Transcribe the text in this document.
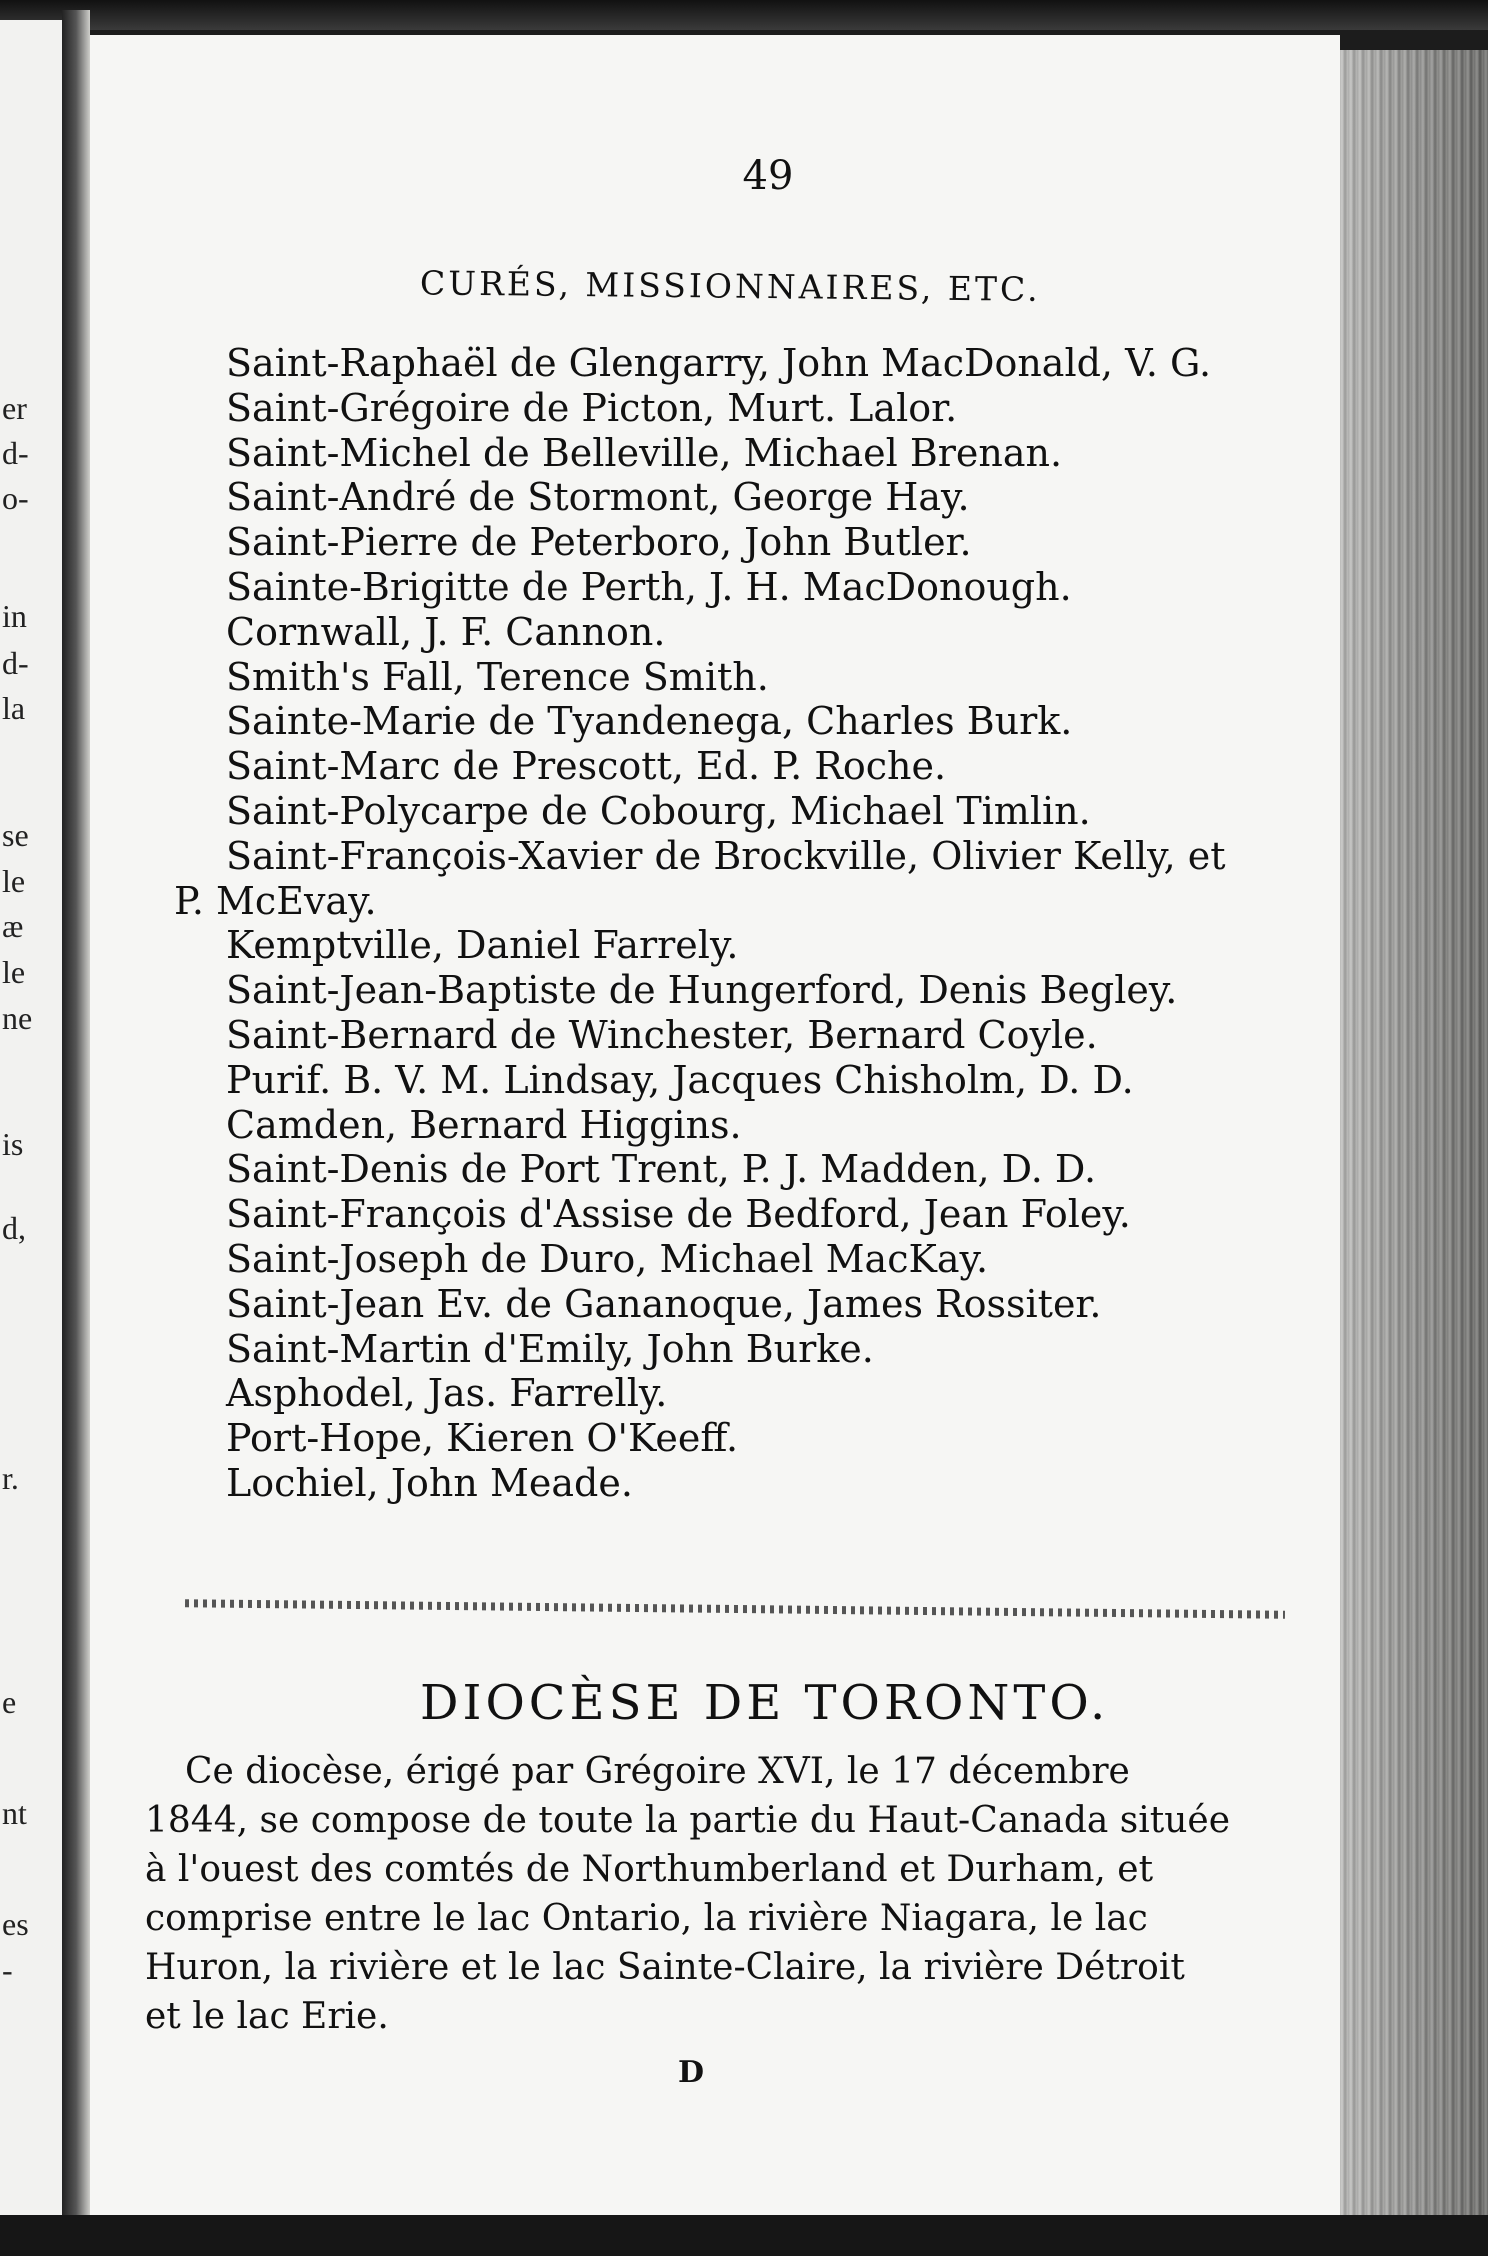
er
d-
o-
in
d-
la
se
le
æ
le
ne
is
d,
r.
e
nt
es
-
49
CURÉS, MISSIONNAIRES, ETC.
Saint-Raphaël de Glengarry, John MacDonald, V. G.
Saint-Grégoire de Picton, Murt. Lalor.
Saint-Michel de Belleville, Michael Brenan.
Saint-André de Stormont, George Hay.
Saint-Pierre de Peterboro, John Butler.
Sainte-Brigitte de Perth, J. H. MacDonough.
Cornwall, J. F. Cannon.
Smith's Fall, Terence Smith.
Sainte-Marie de Tyandenega, Charles Burk.
Saint-Marc de Prescott, Ed. P. Roche.
Saint-Polycarpe de Cobourg, Michael Timlin.
Saint-François-Xavier de Brockville, Olivier Kelly, et
P. McEvay.
Kemptville, Daniel Farrely.
Saint-Jean-Baptiste de Hungerford, Denis Begley.
Saint-Bernard de Winchester, Bernard Coyle.
Purif. B. V. M. Lindsay, Jacques Chisholm, D. D.
Camden, Bernard Higgins.
Saint-Denis de Port Trent, P. J. Madden, D. D.
Saint-François d'Assise de Bedford, Jean Foley.
Saint-Joseph de Duro, Michael MacKay.
Saint-Jean Ev. de Gananoque, James Rossiter.
Saint-Martin d'Emily, John Burke.
Asphodel, Jas. Farrelly.
Port-Hope, Kieren O'Keeff.
Lochiel, John Meade.
DIOCÈSE DE TORONTO.
Ce diocèse, érigé par Grégoire XVI, le 17 décembre
1844, se compose de toute la partie du Haut-Canada située
à l'ouest des comtés de Northumberland et Durham, et
comprise entre le lac Ontario, la rivière Niagara, le lac
Huron, la rivière et le lac Sainte-Claire, la rivière Détroit
et le lac Erie.
D
